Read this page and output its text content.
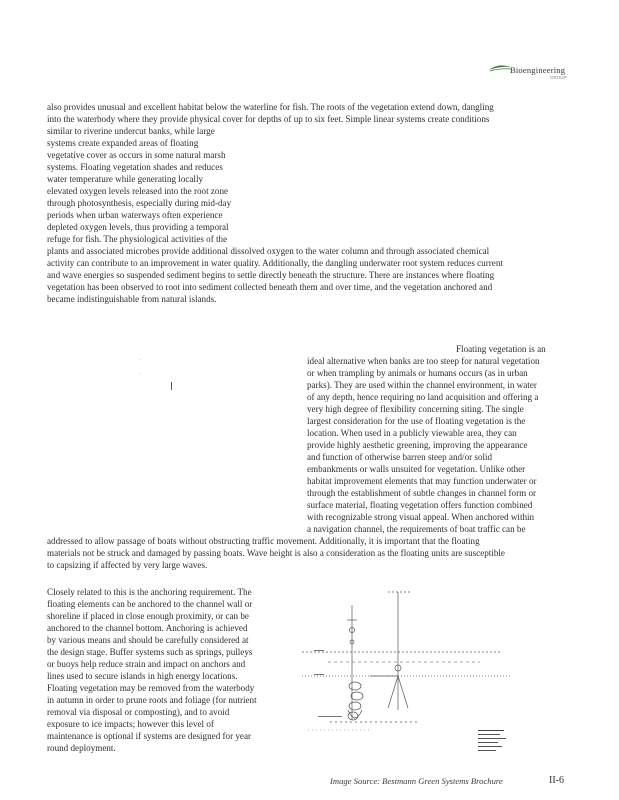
Bioengineering
GROUP
also provides unusual and excellent habitat below the waterline for fish. The roots of the vegetation extend down, dangling
into the waterbody where they provide physical cover for depths of up to six feet. Simple linear systems create conditions
similar to riverine undercut banks, while large
systems create expanded areas of floating
vegetative cover as occurs in some natural marsh
systems. Floating vegetation shades and reduces
water temperature while generating locally
elevated oxygen levels released into the root zone
through photosynthesis, especially during mid-day
periods when urban waterways often experience
depleted oxygen levels, thus providing a temporal
refuge for fish. The physiological activities of the
plants and associated microbes provide additional dissolved oxygen to the water column and through associated chemical
activity can contribute to an improvement in water quality. Additionally, the dangling underwater root system reduces current
and wave energies so suspended sediment begins to settle directly beneath the structure. There are instances where floating
vegetation has been observed to root into sediment collected beneath them and over time, and the vegetation anchored and
became indistinguishable from natural islands.
·
·
Floating vegetation is an
ideal alternative when banks are too steep for natural vegetation
or when trampling by animals or humans occurs (as in urban
parks). They are used within the channel environment, in water
of any depth, hence requiring no land acquisition and offering a
very high degree of flexibility concerning siting. The single
largest consideration for the use of floating vegetation is the
location. When used in a publicly viewable area, they can
provide highly aesthetic greening, improving the appearance
and function of otherwise barren steep and/or solid
embankments or walls unsuited for vegetation. Unlike other
habitat improvement elements that may function underwater or
through the establishment of subtle changes in channel form or
surface material, floating vegetation offers function combined
with recognizable strong visual appeal. When anchored within
a navigation channel, the requirements of boat traffic can be
addressed to allow passage of boats without obstructing traffic movement. Additionally, it is important that the floating
materials not be struck and damaged by passing boats. Wave height is also a consideration as the floating units are susceptible
to capsizing if affected by very large waves.
Closely related to this is the anchoring requirement. The
floating elements can be anchored to the channel wall or
shoreline if placed in close enough proximity, or can be
anchored to the channel bottom. Anchoring is achieved
by various means and should be carefully considered at
the design stage. Buffer systems such as springs, pulleys
or buoys help reduce strain and impact on anchors and
lines used to secure islands in high energy locations.
Floating vegetation may be removed from the waterbody
in autumn in order to prune roots and foliage (for nutrient
removal via disposal or composting), and to avoid
exposure to ice impacts; however this level of
maintenance is optional if systems are designed for year
round deployment.
Image Source: Bestmann Green Systems Brochure	II-6
